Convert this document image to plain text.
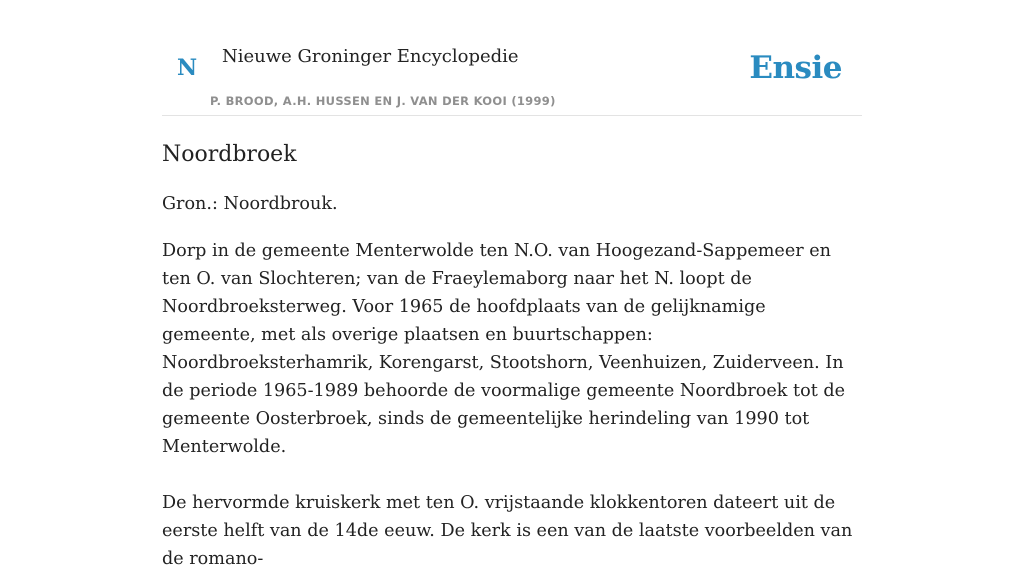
N Nieuwe Groninger Encyclopedie
P. BROOD, A.H. HUSSEN EN J. VAN DER KOOI (1999)
Ensie
Noordbroek

Gron.: Noordbrouk.

Dorp in de gemeente Menterwolde ten N.O. van Hoogezand-Sappemeer en ten O. van Slochteren; van de Fraeylemaborg naar het N. loopt de Noordbroeksterweg. Voor 1965 de hoofdplaats van de gelijknamige gemeente, met als overige plaatsen en buurtschappen: Noordbroeksterhamrik, Korengarst, Stootshorn, Veenhuizen, Zuiderveen. In de periode 1965-1989 behoorde de voormalige gemeente Noordbroek tot de gemeente Oosterbroek, sinds de gemeentelijke herindeling van 1990 tot Menterwolde.

De hervormde kruiskerk met ten O. vrijstaande klokkentoren dateert uit de eerste helft van de 14de eeuw. De kerk is een van de laatste voorbeelden van de romano-
